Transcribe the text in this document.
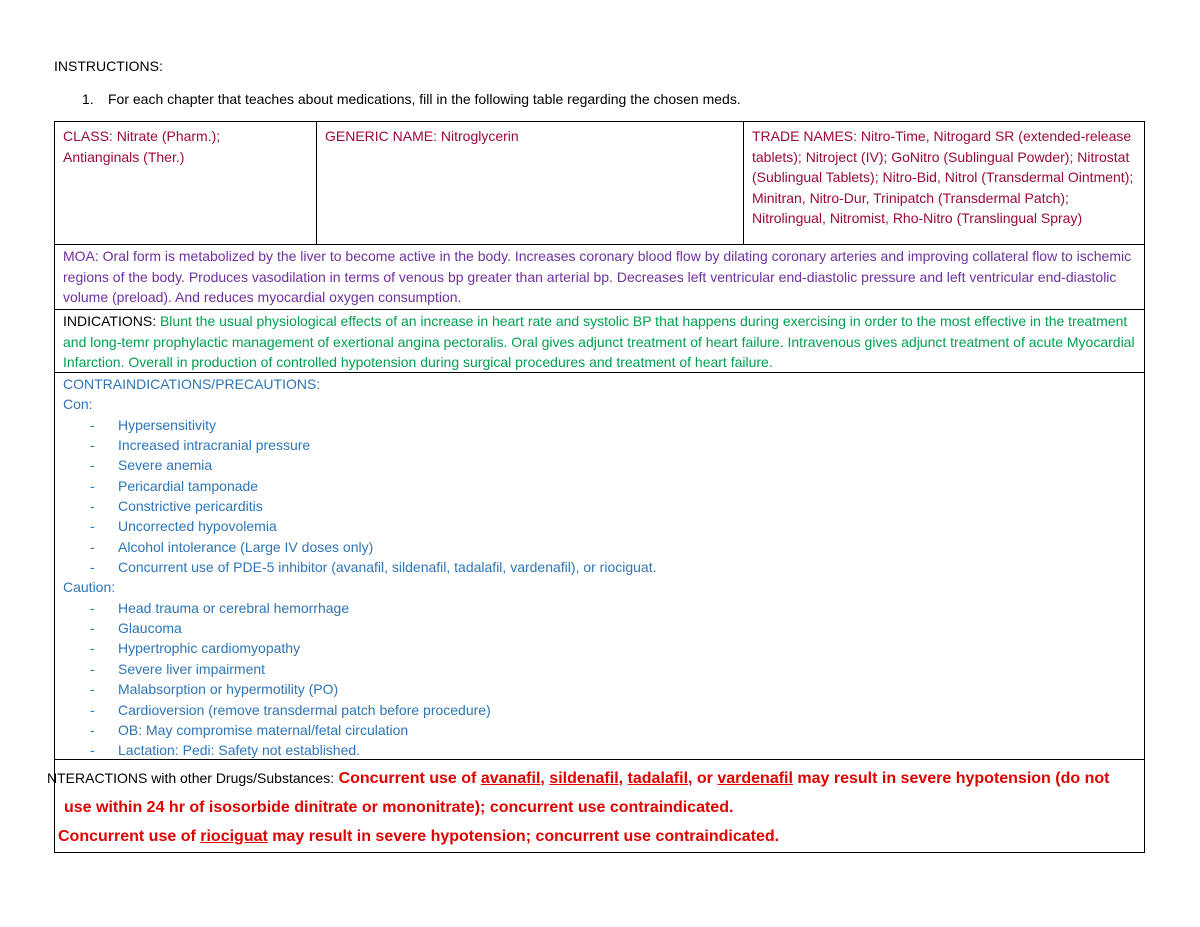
INSTRUCTIONS:
1. For each chapter that teaches about medications, fill in the following table regarding the chosen meds.
CLASS: Nitrate (Pharm.);
Antianginals (Ther.)
GENERIC NAME: Nitroglycerin	TRADE NAMES: Nitro-Time, Nitrogard SR (extended-release tablets); Nitroject (IV); GoNitro (Sublingual Powder); Nitrostat (Sublingual Tablets); Nitro-Bid, Nitrol (Transdermal Ointment); Minitran, Nitro-Dur, Trinipatch (Transdermal Patch); Nitrolingual, Nitromist, Rho-Nitro (Translingual Spray)
MOA: Oral form is metabolized by the liver to become active in the body. Increases coronary blood flow by dilating coronary arteries and improving collateral flow to ischemic regions of the body. Produces vasodilation in terms of venous bp greater than arterial bp. Decreases left ventricular end-diastolic pressure and left ventricular end-diastolic volume (preload). And reduces myocardial oxygen consumption.
INDICATIONS: Blunt the usual physiological effects of an increase in heart rate and systolic BP that happens during exercising in order to the most effective in the treatment and long-temr prophylactic management of exertional angina pectoralis. Oral gives adjunct treatment of heart failure. Intravenous gives adjunct treatment of acute Myocardial Infarction. Overall in production of controlled hypotension during surgical procedures and treatment of heart failure.
CONTRAINDICATIONS/PRECAUTIONS:
Con:
- Hypersensitivity
- Increased intracranial pressure
- Severe anemia
- Pericardial tamponade
- Constrictive pericarditis
- Uncorrected hypovolemia
- Alcohol intolerance (Large IV doses only)
- Concurrent use of PDE-5 inhibitor (avanafil, sildenafil, tadalafil, vardenafil), or riociguat.
Caution:
- Head trauma or cerebral hemorrhage
- Glaucoma
- Hypertrophic cardiomyopathy
- Severe liver impairment
- Malabsorption or hypermotility (PO)
- Cardioversion (remove transdermal patch before procedure)
- OB: May compromise maternal/fetal circulation
- Lactation: Pedi: Safety not established.
NTERACTIONS with other Drugs/Substances: Concurrent use of avanafil, sildenafil, tadalafil, or vardenafil may result in severe hypotension (do not
use within 24 hr of isosorbide dinitrate or mononitrate); concurrent use contraindicated.
Concurrent use of riociguat may result in severe hypotension; concurrent use contraindicated.
